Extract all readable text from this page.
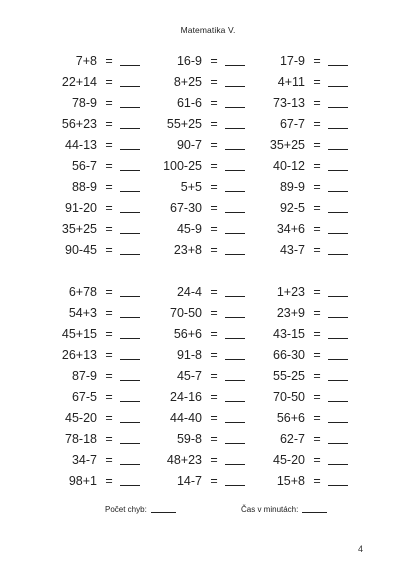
Matematika V.
7+8 =	16-9 =	17-9 =
22+14 =	8+25 =	4+11 =
78-9 =	61-6 =	73-13 =
56+23 =	55+25 =	67-7 =
44-13 =	90-7 =	35+25 =
56-7 =	100-25 =	40-12 =
88-9 =	5+5 =	89-9 =
91-20 =	67-30 =	92-5 =
35+25 =	45-9 =	34+6 =
90-45 =	23+8 =	43-7 =
6+78 =	24-4 =	1+23 =
54+3 =	70-50 =	23+9 =
45+15 =	56+6 =	43-15 =
26+13 =	91-8 =	66-30 =
87-9 =	45-7 =	55-25 =
67-5 =	24-16 =	70-50 =
45-20 =	44-40 =	56+6 =
78-18 =	59-8 =	62-7 =
34-7 =	48+23 =	45-20 =
98+1 =	14-7 =	15+8 =
Počet chyb:	Čas v minutách:
4
